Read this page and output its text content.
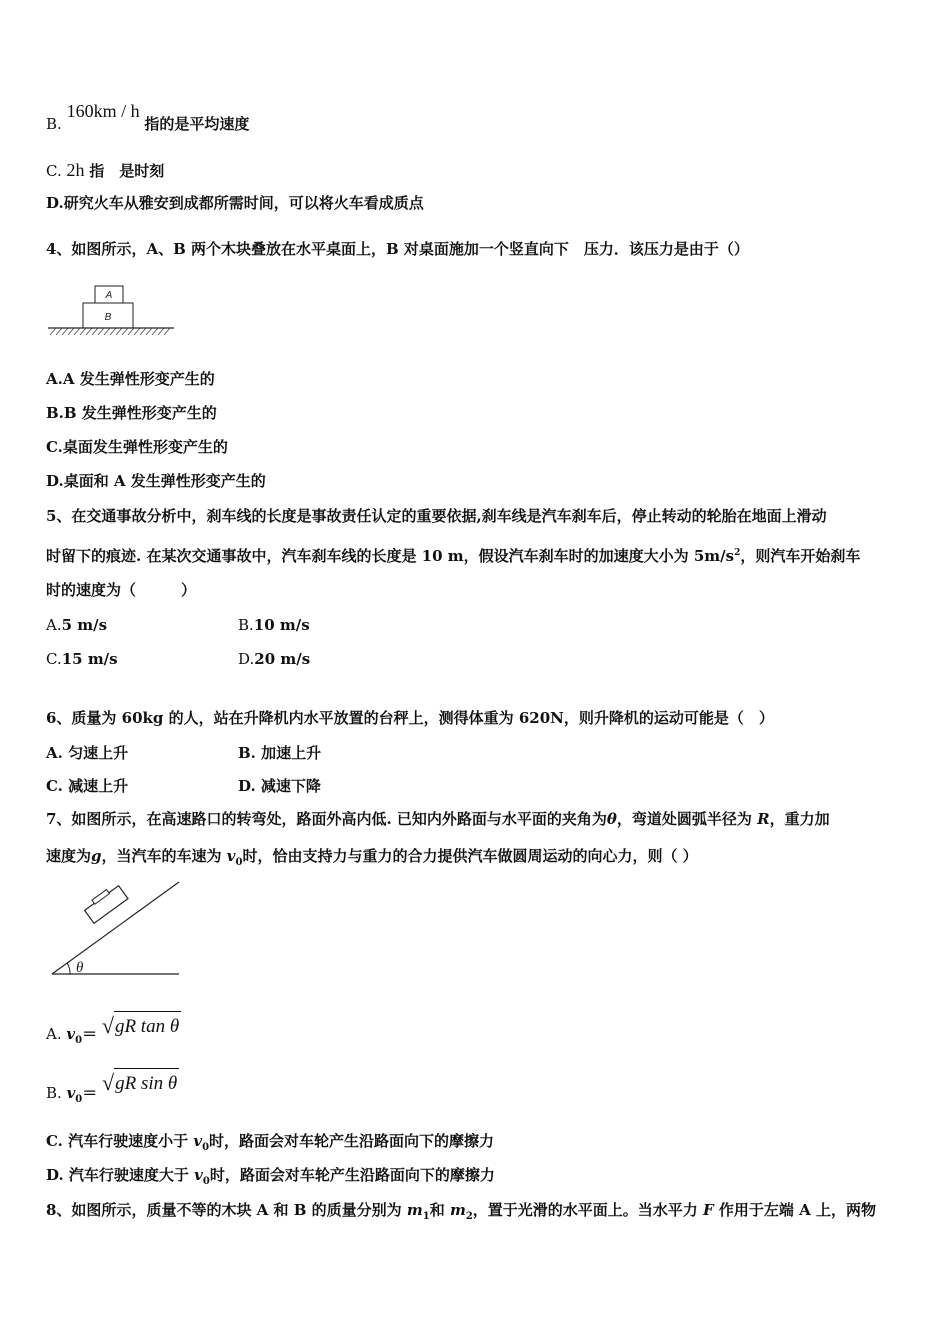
B. 160km / h 指的是平均速度
C. 2h 指　是时刻
D.研究火车从雅安到成都所需时间，可以将火车看成质点
4、如图所示，A、B 两个木块叠放在水平桌面上，B 对桌面施加一个竖直向下　压力．该压力是由于（）
A
B
A.A 发生弹性形变产生的
B.B 发生弹性形变产生的
C.桌面发生弹性形变产生的
D.桌面和 A 发生弹性形变产生的
5、在交通事故分析中，刹车线的长度是事故责任认定的重要依据,刹车线是汽车刹车后，停止转动的轮胎在地面上滑动
时留下的痕迹. 在某次交通事故中，汽车刹车线的长度是 10 m，假设汽车刹车时的加速度大小为 $5m/s^2$，则汽车开始刹车
时的速度为（　　　）
A.5 m/s	B.10 m/s
C.15 m/s	D.20 m/s
6、质量为 60kg 的人，站在升降机内水平放置的台秤上，测得体重为 620N，则升降机的运动可能是（　）
A. 匀速上升	B. 加速上升
C. 减速上升	D. 减速下降
7、如图所示，在高速路口的转弯处，路面外高内低. 已知内外路面与水平面的夹角为θ，弯道处圆弧半径为 R，重力加
速度为g，当汽车的车速为 $v_0$时，恰由支持力与重力的合力提供汽车做圆周运动的向心力，则（ ）
θ
A. $v_0= √gR$ tan θ
B. $v_0= √gR$ sin θ
C. 汽车行驶速度小于 $v_0$时，路面会对车轮产生沿路面向下的摩擦力
D. 汽车行驶速度大于 $v_0$时，路面会对车轮产生沿路面向下的摩擦力
8、如图所示，质量不等的木块 A 和 B 的质量分别为 $m_1$和 $m_2$，置于光滑的水平面上。当水平力 F 作用于左端 A 上，两物
